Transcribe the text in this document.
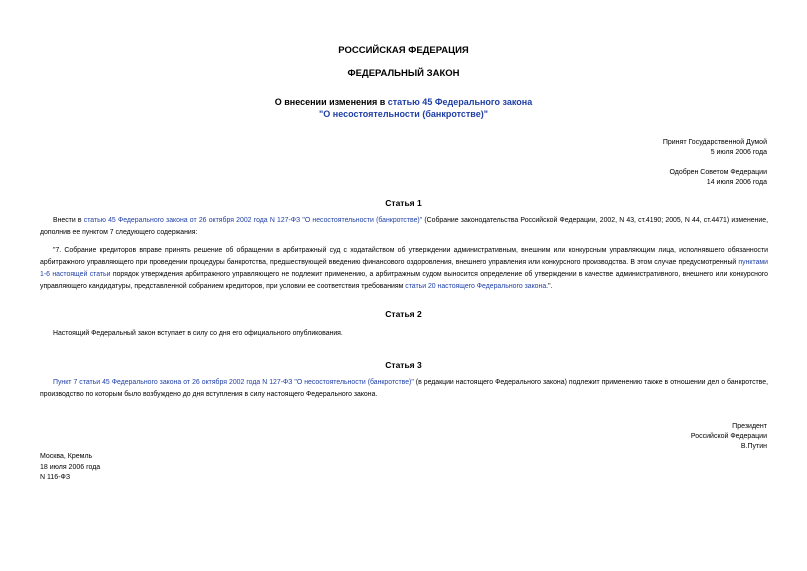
РОССИЙСКАЯ ФЕДЕРАЦИЯ
ФЕДЕРАЛЬНЫЙ ЗАКОН
О внесении изменения в статью 45 Федерального закона
"О несостоятельности (банкротстве)"
Принят Государственной Думой
5 июля 2006 года
Одобрен Советом Федерации
14 июля 2006 года
Статья 1
Внести в статью 45 Федерального закона от 26 октября 2002 года N 127-ФЗ "О несостоятельности (банкротстве)" (Собрание законодательства Российской Федерации, 2002, N 43, ст.4190; 2005, N 44, ст.4471) изменение, дополнив ее пунктом 7 следующего содержания:
"7. Собрание кредиторов вправе принять решение об обращении в арбитражный суд с ходатайством об утверждении административным, внешним или конкурсным управляющим лица, исполнявшего обязанности арбитражного управляющего при проведении процедуры банкротства, предшествующей введению финансового оздоровления, внешнего управления или конкурсного производства. В этом случае предусмотренный пунктами 1-6 настоящей статьи порядок утверждения арбитражного управляющего не подлежит применению, а арбитражным судом выносится определение об утверждении в качестве административного, внешнего или конкурсного управляющего кандидатуры, представленной собранием кредиторов, при условии ее соответствия требованиям статьи 20 настоящего Федерального закона.".
Статья 2
Настоящий Федеральный закон вступает в силу со дня его официального опубликования.
Статья 3
Пункт 7 статьи 45 Федерального закона от 26 октября 2002 года N 127-ФЗ "О несостоятельности (банкротстве)" (в редакции настоящего Федерального закона) подлежит применению также в отношении дел о банкротстве, производство по которым было возбуждено до дня вступления в силу настоящего Федерального закона.
Президент
Российской Федерации
В.Путин
Москва, Кремль
18 июля 2006 года
N 116-ФЗ
